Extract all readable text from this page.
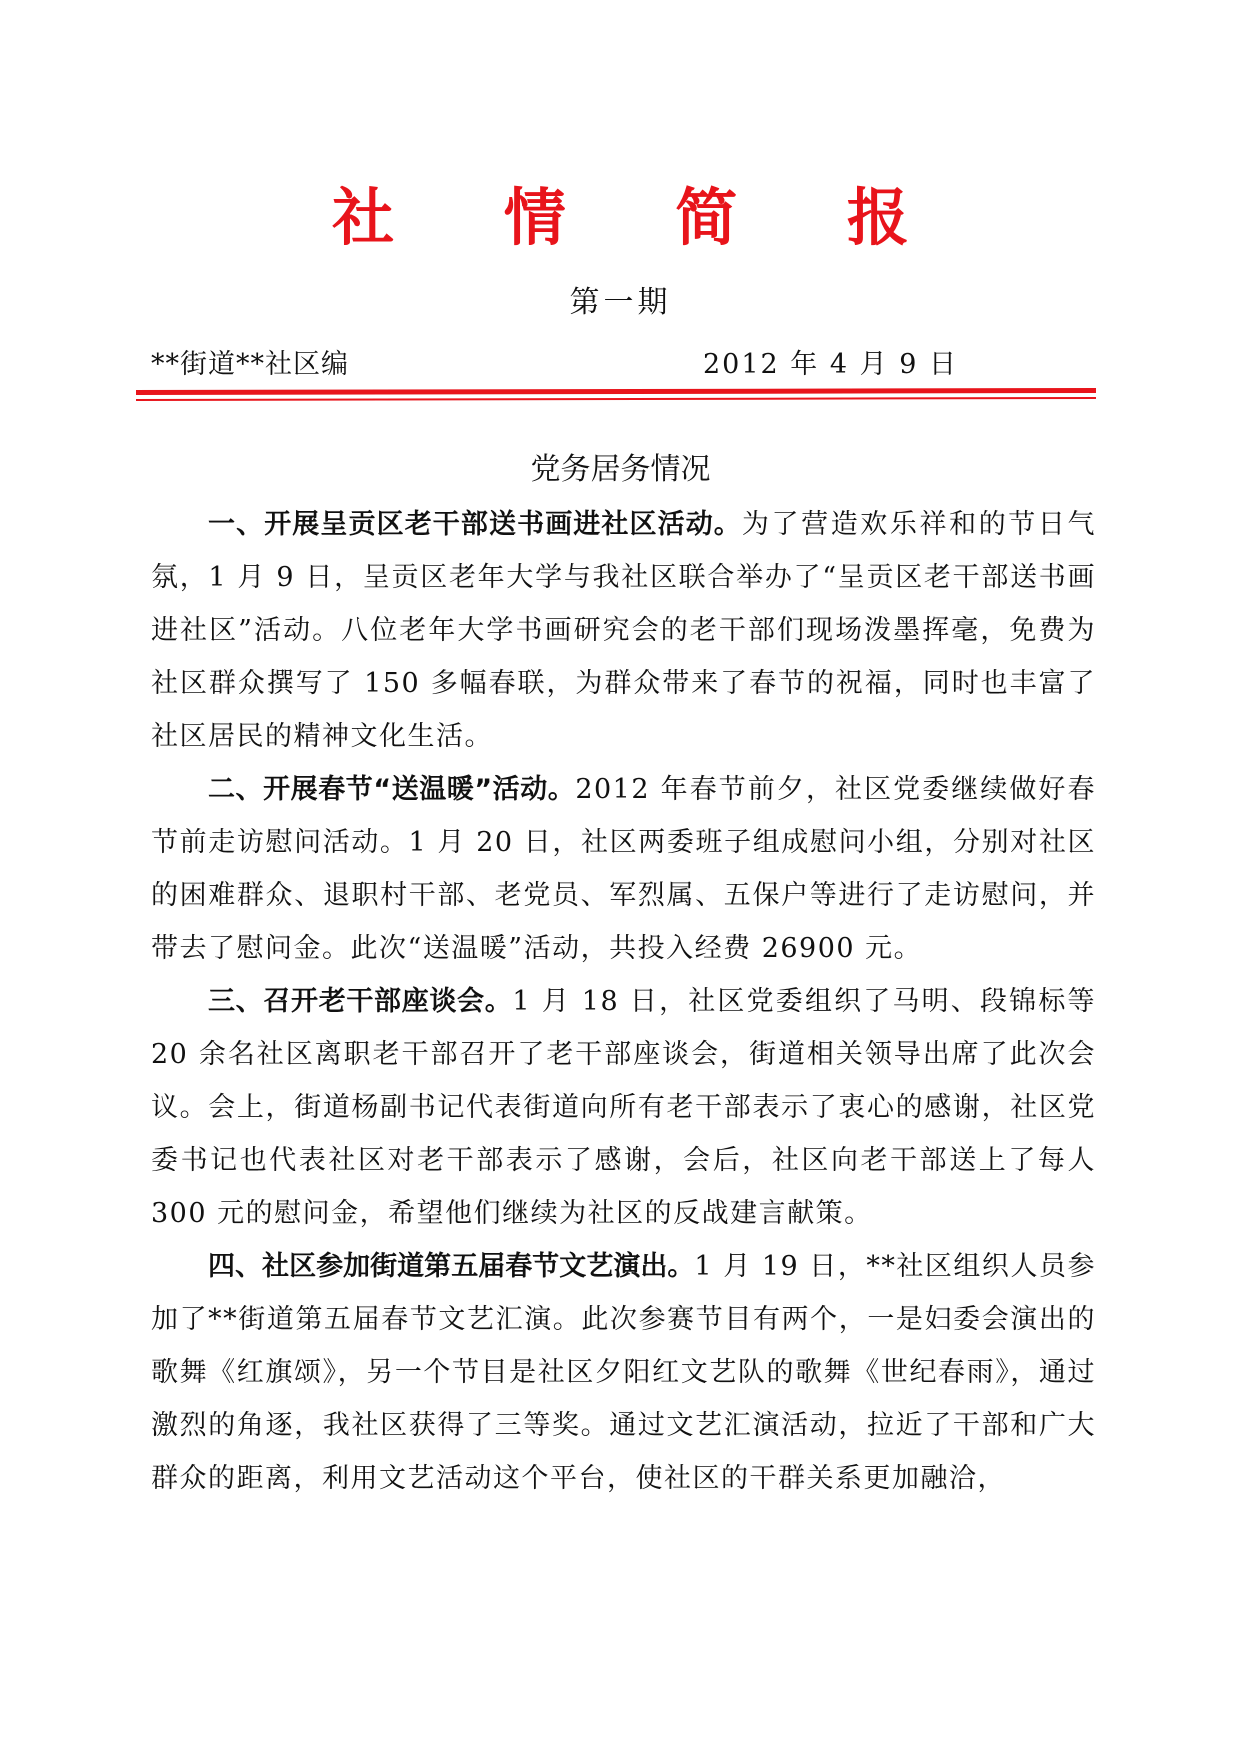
社 情 简 报
第一期
**街道**社区编	2012 年 4 月 9 日
党务居务情况

一、开展呈贡区老干部送书画进社区活动。为了营造欢乐祥和的节日气氛，1 月 9 日，呈贡区老年大学与我社区联合举办了“呈贡区老干部送书画进社区”活动。八位老年大学书画研究会的老干部们现场泼墨挥毫，免费为社区群众撰写了 150 多幅春联，为群众带来了春节的祝福，同时也丰富了社区居民的精神文化生活。

二、开展春节“送温暖”活动。2012 年春节前夕，社区党委继续做好春节前走访慰问活动。1 月 20 日，社区两委班子组成慰问小组，分别对社区的困难群众、退职村干部、老党员、军烈属、五保户等进行了走访慰问，并带去了慰问金。此次“送温暖”活动，共投入经费 26900 元。

三、召开老干部座谈会。1 月 18 日，社区党委组织了马明、段锦标等 20 余名社区离职老干部召开了老干部座谈会，街道相关领导出席了此次会议。会上，街道杨副书记代表街道向所有老干部表示了衷心的感谢，社区党委书记也代表社区对老干部表示了感谢，会后，社区向老干部送上了每人 300 元的慰问金，希望他们继续为社区的反战建言献策。

四、社区参加街道第五届春节文艺演出。1 月 19 日，**社区组织人员参加了**街道第五届春节文艺汇演。此次参赛节目有两个，一是妇委会演出的歌舞《红旗颂》，另一个节目是社区夕阳红文艺队的歌舞《世纪春雨》，通过激烈的角逐，我社区获得了三等奖。通过文艺汇演活动，拉近了干部和广大群众的距离，利用文艺活动这个平台，使社区的干群关系更加融洽，
